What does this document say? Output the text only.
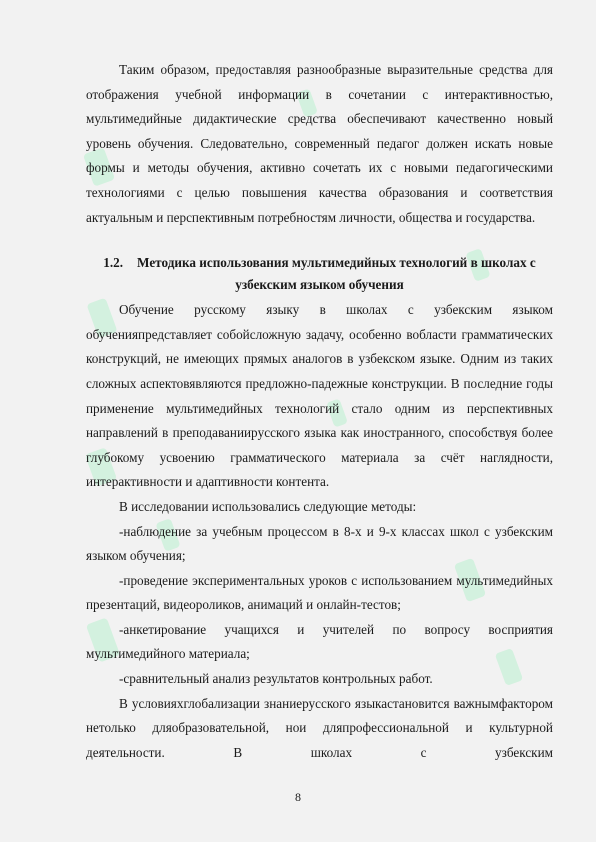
Таким образом, предоставляя разнообразные выразительные средства для отображения учебной информации в сочетании с интерактивностью, мультимедийные дидактические средства обеспечивают качественно новый уровень обучения. Следовательно, современный педагог должен искать новые формы и методы обучения, активно сочетать их с новыми педагогическими технологиями с целью повышения качества образования и соответствия актуальным и перспективным потребностям личности, общества и государства.

1.2. Методика использования мультимедийных технологий в школах с узбекским языком обучения

Обучение русскому языку в школах с узбекским языком обученияпредставляет собойсложную задачу, особенно вобласти грамматических конструкций, не имеющих прямых аналогов в узбекском языке. Одним из таких сложных аспектовявляются предложно-падежные конструкции. В последние годы применение мультимедийных технологий стало одним из перспективных направлений в преподаванииpусского языка как иностранного, способствуя более глубокому усвоению грамматического материала за счёт наглядности, интерактивности и адаптивности контента.

В исследовании использовались следующие методы:

-наблюдение за учебным процессом в 8-х и 9-х классах школ с узбекским языком обучения;

-проведение экспериментальных уроков с использованием мультимедийных презентаций, видеороликов, анимаций и онлайн-тестов;

-анкетирование учащихся и учителей по вопросу восприятия мультимедийного материала;

-сравнительный анализ результатов контрольных работ.

В условияхглобализации знаниерусского языкастановится важнымфактором нетолько дляобразовательной, нои дляпрофессиональной и культурной деятельности. В школах с узбекским

8
